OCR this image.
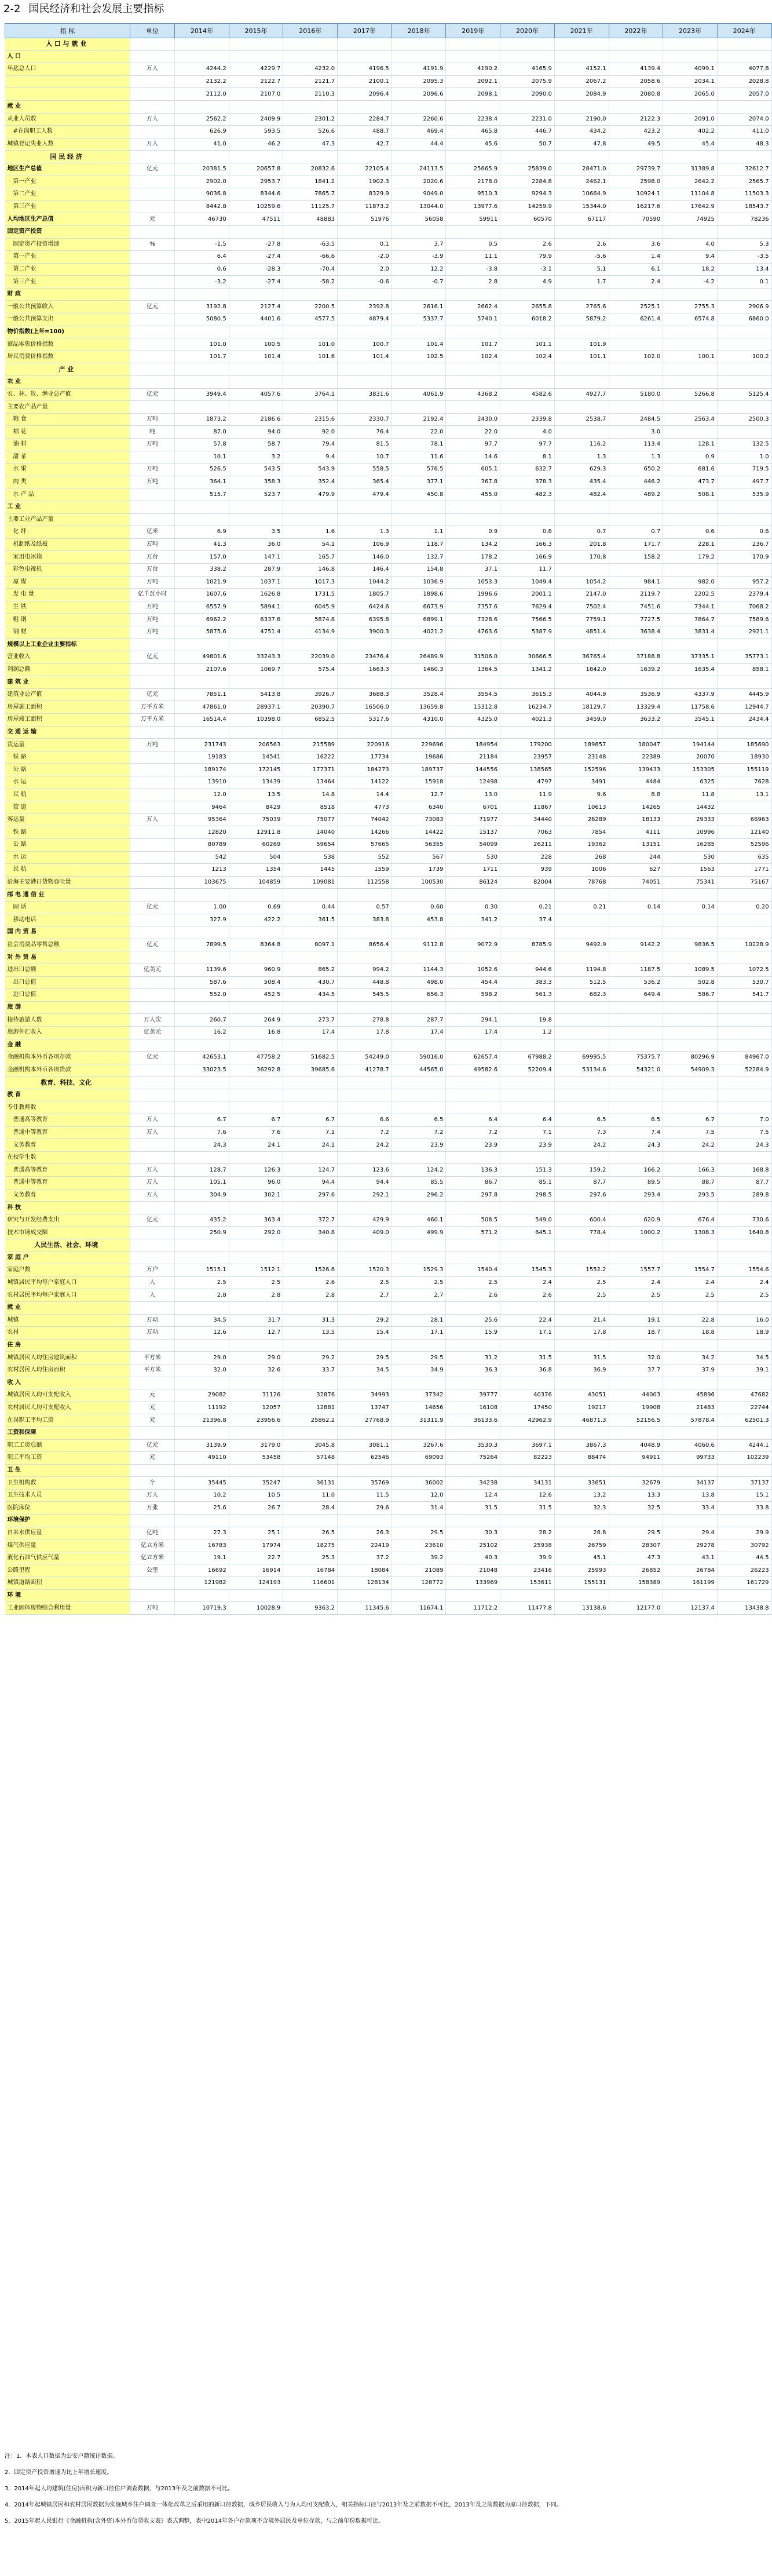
2-2 国民经济和社会发展主要指标
指 标	单位	2014年	2015年	2016年	2017年	2018年	2019年	2020年	2021年	2022年	2023年	2024年
人 口 与 就 业												
人 口												
年底总人口	万人	4244.2	4229.7	4232.0	4196.5	4191.9	4190.2	4165.9	4152.1	4139.4	4099.1	4077.8
		2132.2	2122.7	2121.7	2100.1	2095.3	2092.1	2075.9	2067.2	2058.6	2034.1	2028.8
		2112.0	2107.0	2110.3	2096.4	2096.6	2098.1	2090.0	2084.9	2080.8	2065.0	2057.0
就 业												
从业人员数	万人	2562.2	2409.9	2301.2	2284.7	2260.6	2238.4	2231.0	2190.0	2122.3	2091.0	2074.0
#在岗职工人数		626.9	593.5	526.6	488.7	469.4	465.8	446.7	434.2	423.2	402.2	411.0
城镇登记失业人数	万人	41.0	46.2	47.3	42.7	44.4	45.6	50.7	47.8	49.5	45.4	48.3
国 民 经 济												
地区生产总值	亿元	20381.5	20657.8	20832.6	22105.4	24113.5	25665.9	25839.0	28471.0	29739.7	31389.8	32612.7
第一产业		2902.0	2953.7	1841.2	1902.3	2020.6	2178.0	2284.8	2462.1	2598.0	2642.2	2565.7
第二产业		9036.8	8344.6	7865.7	8329.9	9049.0	9510.3	9294.3	10664.9	10924.1	11104.8	11503.3
第三产业		8442.8	10259.6	11125.7	11873.2	13044.0	13977.6	14259.9	15344.0	16217.6	17642.9	18543.7
人均地区生产总值	元	46730	47511	48883	51976	56058	59911	60570	67117	70590	74925	78236
固定资产投资												
固定资产投资增速	%	-1.5	-27.8	-63.5	0.1	3.7	0.5	2.6	2.6	3.6	4.0	5.3
第一产业		6.4	-27.4	-66.6	-2.0	-3.9	11.1	79.9	-5.6	1.4	9.4	-3.5
第二产业		0.6	-28.3	-70.4	2.0	12.2	-3.8	-3.1	5.1	6.1	18.2	13.4
第三产业		-3.2	-27.4	-58.2	-0.6	-0.7	2.8	4.9	1.7	2.4	-4.2	0.1
财 政												
一般公共预算收入	亿元	3192.8	2127.4	2200.5	2392.8	2616.1	2662.4	2655.8	2765.6	2525.1	2755.3	2906.9
一般公共预算支出		5080.5	4401.6	4577.5	4879.4	5337.7	5740.1	6018.2	5879.2	6261.4	6574.8	6860.0
物价指数(上年=100)												
商品零售价格指数		101.0	100.5	101.0	100.7	101.4	101.7	101.1	101.9			
居民消费价格指数		101.7	101.4	101.6	101.4	102.5	102.4	102.4	101.1	102.0	100.1	100.2
产 业												
农 业												
农、林、牧、渔业总产值	亿元	3949.4	4057.6	3764.1	3831.6	4061.9	4368.2	4582.6	4927.7	5180.0	5266.8	5125.4
主要农产品产量												
粮 食	万吨	1873.2	2186.6	2315.6	2330.7	2192.4	2430.0	2339.8	2538.7	2484.5	2563.4	2500.3
棉 花	吨	87.0	94.0	92.0	76.4	22.0	22.0	4.0		3.0		
油 料	万吨	57.8	58.7	79.4	81.5	78.1	97.7	97.7	116.2	113.4	128.1	132.5
甜 菜		10.1	3.2	9.4	10.7	11.6	14.6	8.1	1.3	1.3	0.9	1.0
水 果	万吨	526.5	543.5	543.9	558.5	576.5	605.1	632.7	629.3	650.2	681.6	719.5
肉 类	万吨	364.1	358.3	352.4	365.4	377.1	367.8	378.3	435.4	446.2	473.7	497.7
水 产 品		515.7	523.7	479.9	479.4	450.8	455.0	482.3	482.4	489.2	508.1	535.9
工 业												
主要工业产品产量												
化 纤	亿米	6.9	3.5	1.6	1.3	1.1	0.9	0.8	0.7	0.7	0.6	0.6
机制纸及纸板	万吨	41.3	36.0	54.1	106.9	118.7	134.2	166.3	201.8	171.7	228.1	236.7
家用电冰箱	万台	157.0	147.1	165.7	146.0	132.7	178.2	166.9	170.8	158.2	179.2	170.9
彩色电视机	万台	338.2	287.9	146.8	146.4	154.8	37.1	11.7				
原 煤	万吨	1021.9	1037.1	1017.3	1044.2	1036.9	1053.3	1049.4	1054.2	984.1	982.0	957.2
发 电 量	亿千瓦小时	1607.6	1626.8	1731.5	1805.7	1898.6	1996.6	2001.1	2147.0	2119.7	2202.5	2379.4
生 铁	万吨	6557.9	5894.1	6045.9	6424.6	6673.9	7357.6	7629.4	7502.4	7451.6	7344.1	7068.2
粗 钢	万吨	6962.2	6337.6	5874.8	6395.8	6899.1	7328.6	7566.5	7759.1	7727.5	7864.7	7589.6
钢 材	万吨	5875.6	4751.4	4134.9	3900.3	4021.2	4763.6	5387.9	4851.4	3638.4	3831.4	2921.1
规模以上工业企业主要指标												
营业收入	亿元	49801.6	33243.3	22039.0	23476.4	26489.9	31506.0	30666.5	36765.4	37188.8	37335.1	35773.1
利润总额		2107.6	1069.7	575.4	1663.3	1460.3	1364.5	1341.2	1842.0	1639.2	1635.4	858.1
建 筑 业												
建筑业总产值	亿元	7851.1	5413.8	3926.7	3688.3	3528.4	3554.5	3615.3	4044.9	3536.9	4337.9	4445.9
房屋施工面积	万平方米	47861.0	28937.1	20390.7	16506.0	13659.8	15312.8	16234.7	18129.7	13329.4	11758.6	12944.7
房屋竣工面积	万平方米	16514.4	10398.0	6852.5	5317.6	4310.0	4325.0	4021.3	3459.0	3633.2	3545.1	2434.4
交 通 运 输												
货运量	万吨	231743	206563	215589	220916	229696	184954	179200	189857	180047	194144	185690
铁 路		19183	14541	16222	17734	19686	21184	23957	23148	22389	20070	18930
公 路		189174	172145	177371	184273	189737	144556	138565	152596	139433	153305	155119
水 运		13910	13439	13464	14122	15918	12498	4797	3491	4484	6325	7628
民 航		12.0	13.5	14.8	14.4	12.7	13.0	11.9	9.6	8.8	11.8	13.1
管 道		9464	8429	8518	4773	6340	6701	11867	10613	14265	14432	
客运量	万人	95364	75039	75077	74042	73083	71977	34440	26289	18133	29333	66963
铁 路		12820	12911.8	14040	14266	14422	15137	7063	7854	4111	10996	12140
公 路		80789	60269	59654	57665	56355	54099	26211	19362	13151	16285	52596
水 运		542	504	538	552	567	530	228	268	244	530	635
民 航		1213	1354	1445	1559	1739	1711	939	1006	627	1563	1771
沿海主要港口货物吞吐量		103675	104859	109081	112558	100530	86124	82004	78768	74051	75341	75167
邮 电 通 信 业												
固 话	亿元	1.00	0.69	0.44	0.57	0.60	0.30	0.21	0.21	0.14	0.14	0.20
移动电话		327.9	422.2	361.5	383.8	453.8	341.2	37.4				
国 内 贸 易												
社会消费品零售总额	亿元	7899.5	8364.8	8097.1	8656.4	9112.8	9072.9	8785.9	9492.9	9142.2	9836.5	10228.9
对 外 贸 易												
进出口总额	亿美元	1139.6	960.9	865.2	994.2	1144.3	1052.6	944.6	1194.8	1187.5	1089.5	1072.5
出口总值		587.6	508.4	430.7	448.8	498.0	454.4	383.3	512.5	536.2	502.8	530.7
进口总值		552.0	452.5	434.5	545.5	656.3	598.2	561.3	682.3	649.4	586.7	541.7
旅 游												
接待旅游人数	万人次	260.7	264.9	273.7	278.8	287.7	294.1	19.8				
旅游外汇收入	亿美元	16.2	16.8	17.4	17.8	17.4	17.4	1.2				
金 融												
金融机构本外币各项存款	亿元	42653.1	47758.2	51682.5	54249.0	59016.0	62657.4	67988.2	69995.5	75375.7	80296.9	84967.0
金融机构本外币各项贷款		33023.5	36292.8	39685.6	41278.7	44565.0	49582.6	52209.4	53134.6	54321.0	54909.3	52284.9
教育、科技、文化												
教 育												
专任教师数												
普通高等教育	万人	6.7	6.7	6.7	6.6	6.5	6.4	6.4	6.5	6.5	6.7	7.0
普通中等教育	万人	7.6	7.6	7.1	7.2	7.2	7.2	7.1	7.3	7.4	7.5	7.5
义务教育		24.3	24.1	24.1	24.2	23.9	23.9	23.9	24.2	24.3	24.2	24.3
在校学生数												
普通高等教育	万人	128.7	126.3	124.7	123.6	124.2	136.3	151.3	159.2	166.2	166.3	168.8
普通中等教育	万人	105.1	96.0	94.4	94.4	85.5	86.7	85.1	87.7	89.5	88.7	87.7
义务教育	万人	304.9	302.1	297.6	292.1	296.2	297.8	298.5	297.6	293.4	293.5	289.8
科 技												
研究与开发经费支出	亿元	435.2	363.4	372.7	429.9	460.1	508.5	549.0	600.4	620.9	676.4	730.6
技术市场成交额		250.9	292.0	340.8	409.0	499.9	571.2	645.1	778.4	1000.2	1308.3	1640.8
人民生活、社会、环境												
家 庭 户												
家庭户数	万户	1515.1	1512.1	1526.6	1520.3	1529.3	1540.4	1545.3	1552.2	1557.7	1554.7	1554.6
城镇居民平均每户家庭人口	人	2.5	2.5	2.6	2.5	2.5	2.5	2.4	2.5	2.4	2.4	2.4
农村居民平均每户家庭人口	人	2.8	2.8	2.8	2.7	2.7	2.6	2.6	2.5	2.5	2.5	2.5
就 业												
城镇	万动	34.5	31.7	31.3	29.2	28.1	25.6	22.4	21.4	19.1	22.8	16.0
农村	万动	12.6	12.7	13.5	15.4	17.1	15.9	17.1	17.8	18.7	18.8	18.9
住 房												
城镇居民人均住房建筑面积	平方米	29.0	29.0	29.2	29.5	29.5	31.2	31.5	31.5	32.0	34.2	34.5
农村居民人均住房面积	平方米	32.0	32.6	33.7	34.5	34.9	36.3	36.8	36.9	37.7	37.9	39.1
收 入												
城镇居民人均可支配收入	元	29082	31126	32876	34993	37342	39777	40376	43051	44003	45896	47682
农村居民人均可支配收入	元	11192	12057	12881	13747	14656	16108	17450	19217	19908	21483	22744
在岗职工平均工资	元	21396.8	23956.6	25862.2	27768.9	31311.9	36133.6	42962.9	46871.3	52156.5	57878.4	62501.3
工资和保障												
职工工资总额	亿元	3139.9	3179.0	3045.8	3081.1	3267.6	3530.3	3697.1	3867.3	4048.9	4060.6	4244.1
职工平均工资	元	49110	53458	57148	62546	69093	75264	82223	88474	94911	99733	102239
卫 生												
卫生机构数	个	35445	35247	36131	35769	36002	34238	34131	33651	32679	34137	37137
卫生技术人员	万人	10.2	10.5	11.0	11.5	12.0	12.4	12.6	13.2	13.3	13.8	15.1
医院床位	万张	25.6	26.7	28.4	29.6	31.4	31.5	31.5	32.3	32.5	33.4	33.8
环境保护												
自来水供应量	亿吨	27.3	25.1	26.5	26.3	29.5	30.3	28.2	28.8	29.5	29.4	29.9
煤气供应量	亿立方米	16783	17974	18275	22419	23610	25102	25938	26759	28307	29278	30792
液化石油气供应气量	亿立方米	19.1	22.7	25.3	37.2	39.2	40.3	39.9	45.1	47.3	43.1	44.5
公路里程	公里	16692	16914	16784	18084	21089	21048	23416	25993	26852	26784	26223
城镇道路面积		121982	124193	116601	128134	128772	133969	153611	155131	158389	161199	161729
环 境												
工业固体废物综合利用量	万吨	10719.3	10028.9	9363.2	11345.6	11674.1	11712.2	11477.8	13138.6	12177.0	12137.4	13438.8
注：1．本表人口数据为公安户籍统计数据。
2．固定资产投资增速为比上年增长速度。
3．2014年起人均建筑(住房)面积为新口径住户调查数据，与2013年及之前数据不可比。
4．2014年起城镇居民和农村居民数据为实施城乡住户调查一体化改革之后采用的新口径数据，城乡居民收入与为人均可支配收入，相关指标口径与2013年及之前数据不可比，2013年及之前数据为原口径数据，下同。
5．2015年起人民银行《金融机构(含外资)本外币信贷收支表》表式调整，表中2014年各户存款项不含境外居民及单位存款，与之前年份数据可比。
